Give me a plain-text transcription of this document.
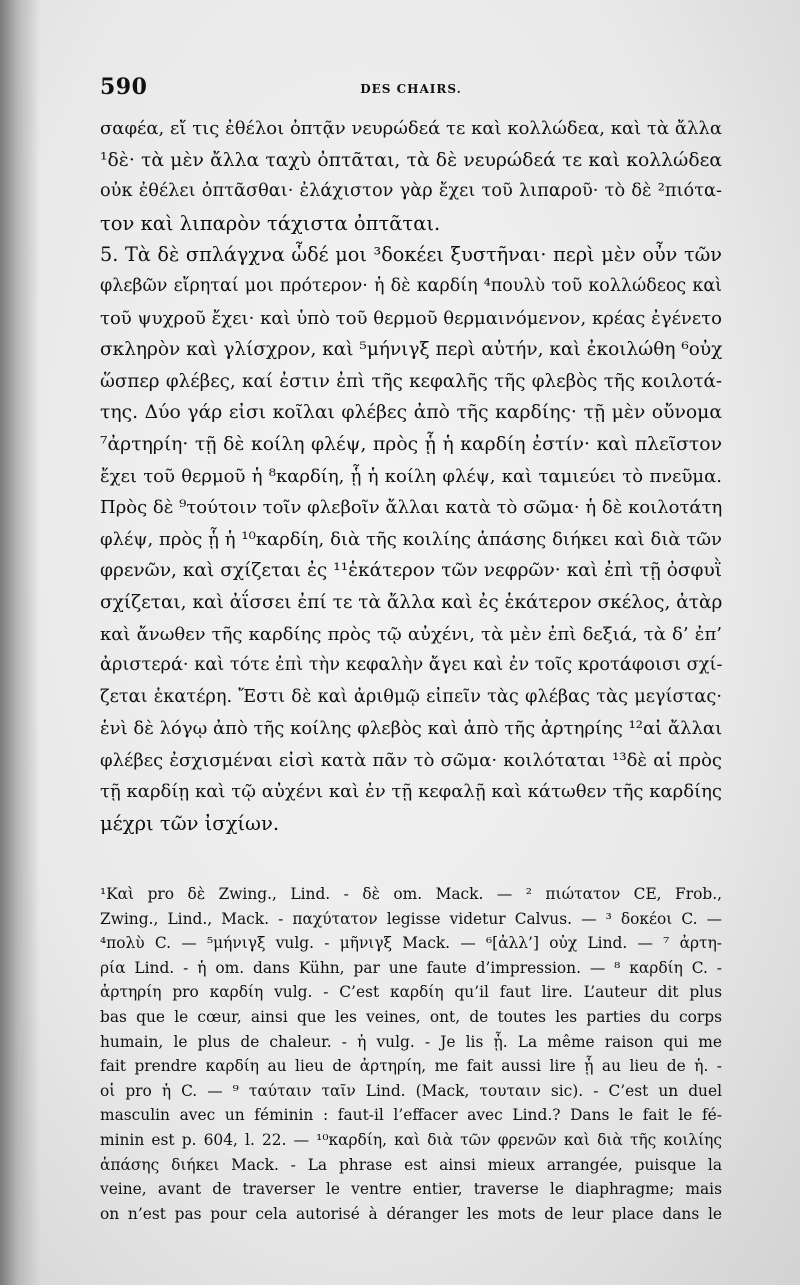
590	DES CHAIRS.
σαφέα, εἴ τις ἐθέλοι ὀπτᾷν νευρώδεά τε καὶ κολλώδεα, καὶ τὰ ἄλλα
¹δὲ· τὰ μὲν ἄλλα ταχὺ ὀπτᾶται, τὰ δὲ νευρώδεά τε καὶ κολλώδεα
οὐκ ἐθέλει ὀπτᾶσθαι· ἐλάχιστον γὰρ ἔχει τοῦ λιπαροῦ· τὸ δὲ ²πιότα-
τον καὶ λιπαρὸν τάχιστα ὀπτᾶται.
5. Τὰ δὲ σπλάγχνα ὧδέ μοι ³δοκέει ξυστῆναι· περὶ μὲν οὖν τῶν
φλεβῶν εἴρηταί μοι πρότερον· ἡ δὲ καρδίη ⁴πουλὺ τοῦ κολλώδεος καὶ
τοῦ ψυχροῦ ἔχει· καὶ ὑπὸ τοῦ θερμοῦ θερμαινόμενον, κρέας ἐγένετο
σκληρὸν καὶ γλίσχρον, καὶ ⁵μήνιγξ περὶ αὐτήν, καὶ ἐκοιλώθη ⁶οὐχ
ὥσπερ φλέβες, καί ἐστιν ἐπὶ τῆς κεφαλῆς τῆς φλεβὸς τῆς κοιλοτά-
της. Δύο γάρ εἰσι κοῖλαι φλέβες ἀπὸ τῆς καρδίης· τῇ μὲν οὔνομα
⁷ἀρτηρίη· τῇ δὲ κοίλη φλέψ, πρὸς ᾗ ἡ καρδίη ἐστίν· καὶ πλεῖστον
ἔχει τοῦ θερμοῦ ἡ ⁸καρδίη, ᾗ ἡ κοίλη φλέψ, καὶ ταμιεύει τὸ πνεῦμα.
Πρὸς δὲ ⁹τούτοιν τοῖν φλεβοῖν ἄλλαι κατὰ τὸ σῶμα· ἡ δὲ κοιλοτάτη
φλέψ, πρὸς ᾗ ἡ ¹⁰καρδίη, διὰ τῆς κοιλίης ἁπάσης διήκει καὶ διὰ τῶν
φρενῶν, καὶ σχίζεται ἐς ¹¹ἑκάτερον τῶν νεφρῶν· καὶ ἐπὶ τῇ ὀσφυῒ
σχίζεται, καὶ ἀΐσσει ἐπί τε τὰ ἄλλα καὶ ἐς ἑκάτερον σκέλος, ἀτὰρ
καὶ ἄνωθεν τῆς καρδίης πρὸς τῷ αὐχένι, τὰ μὲν ἐπὶ δεξιά, τὰ δ’ ἐπ’
ἀριστερά· καὶ τότε ἐπὶ τὴν κεφαλὴν ἄγει καὶ ἐν τοῖς κροτάφοισι σχί-
ζεται ἑκατέρη. Ἔστι δὲ καὶ ἀριθμῷ εἰπεῖν τὰς φλέβας τὰς μεγίστας·
ἑνὶ δὲ λόγῳ ἀπὸ τῆς κοίλης φλεβὸς καὶ ἀπὸ τῆς ἀρτηρίης ¹²αἱ ἄλλαι
φλέβες ἐσχισμέναι εἰσὶ κατὰ πᾶν τὸ σῶμα· κοιλόταται ¹³δὲ αἱ πρὸς
τῇ καρδίῃ καὶ τῷ αὐχένι καὶ ἐν τῇ κεφαλῇ καὶ κάτωθεν τῆς καρδίης
μέχρι τῶν ἰσχίων.
¹Καὶ pro δὲ Zwing., Lind. - δὲ om. Mack. — ² πιώτατον CE, Frob.,
Zwing., Lind., Mack. - παχύτατον legisse videtur Calvus. — ³ δοκέοι C. —
⁴πολὺ C. — ⁵μήνιγξ vulg. - μῆνιγξ Mack. — ⁶[ἀλλ’] οὐχ Lind. — ⁷ ἀρτη-
ρία Lind. - ἡ om. dans Kühn, par une faute d’impression. — ⁸ καρδίη C. -
ἀρτηρίη pro καρδίη vulg. - C’est καρδίη qu’il faut lire. L’auteur dit plus
bas que le cœur, ainsi que les veines, ont, de toutes les parties du corps
humain, le plus de chaleur. - ἡ vulg. - Je lis ᾗ. La même raison qui me
fait prendre καρδίη au lieu de ἀρτηρίη, me fait aussi lire ᾗ au lieu de ἡ. -
οἱ pro ἡ C. — ⁹ ταύταιν ταῖν Lind. (Mack, τουταιν sic). - C’est un duel
masculin avec un féminin : faut-il l’effacer avec Lind.? Dans le fait le fé-
minin est p. 604, l. 22. — ¹⁰καρδίη, καὶ διὰ τῶν φρενῶν καὶ διὰ τῆς κοιλίης
ἁπάσης διήκει Mack. - La phrase est ainsi mieux arrangée, puisque la
veine, avant de traverser le ventre entier, traverse le diaphragme; mais
on n’est pas pour cela autorisé à déranger les mots de leur place dans le
